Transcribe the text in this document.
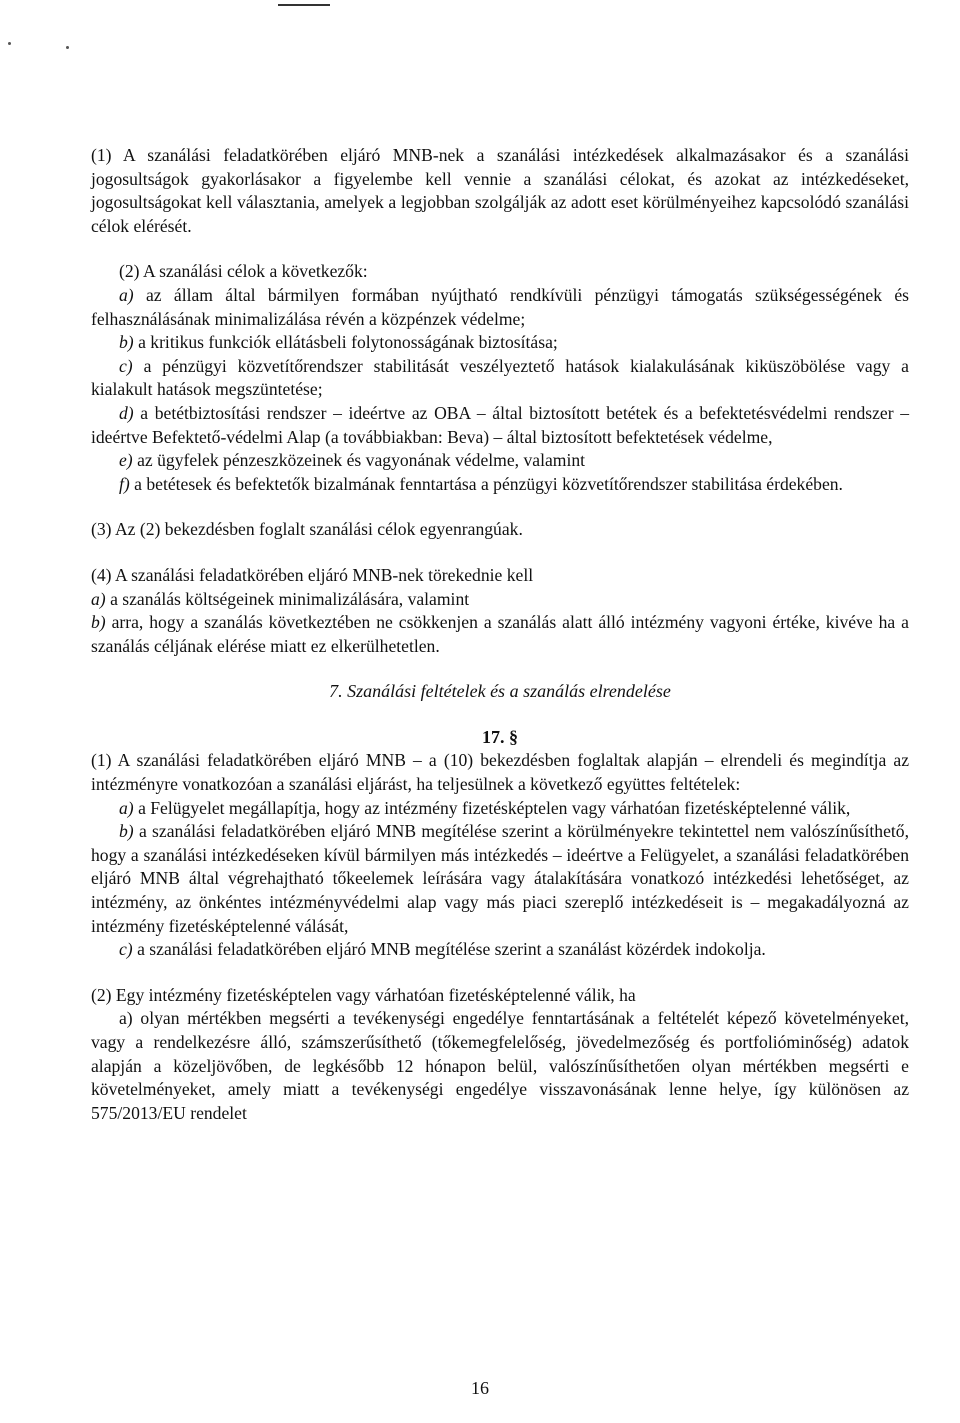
(1) A szanálási feladatkörében eljáró MNB-nek a szanálási intézkedések alkalmazásakor és a szanálási jogosultságok gyakorlásakor a figyelembe kell vennie a szanálási célokat, és azokat az intézkedéseket, jogosultságokat kell választania, amelyek a legjobban szolgálják az adott eset körülményeihez kapcsolódó szanálási célok elérését.

(2) A szanálási célok a következők:

a) az állam által bármilyen formában nyújtható rendkívüli pénzügyi támogatás szükségességének és felhasználásának minimalizálása révén a közpénzek védelme;

b) a kritikus funkciók ellátásbeli folytonosságának biztosítása;

c) a pénzügyi közvetítőrendszer stabilitását veszélyeztető hatások kialakulásának kiküszöbölése vagy a kialakult hatások megszüntetése;

d) a betétbiztosítási rendszer – ideértve az OBA – által biztosított betétek és a befektetésvédelmi rendszer – ideértve Befektető-védelmi Alap (a továbbiakban: Beva) – által biztosított befektetések védelme,

e) az ügyfelek pénzeszközeinek és vagyonának védelme, valamint

f) a betétesek és befektetők bizalmának fenntartása a pénzügyi közvetítőrendszer stabilitása érdekében.

(3) Az (2) bekezdésben foglalt szanálási célok egyenrangúak.

(4) A szanálási feladatkörében eljáró MNB-nek törekednie kell

a) a szanálás költségeinek minimalizálására, valamint

b) arra, hogy a szanálás következtében ne csökkenjen a szanálás alatt álló intézmény vagyoni értéke, kivéve ha a szanálás céljának elérése miatt ez elkerülhetetlen.

7. Szanálási feltételek és a szanálás elrendelése

17. §

(1) A szanálási feladatkörében eljáró MNB – a (10) bekezdésben foglaltak alapján – elrendeli és megindítja az intézményre vonatkozóan a szanálási eljárást, ha teljesülnek a következő együttes feltételek:

a) a Felügyelet megállapítja, hogy az intézmény fizetésképtelen vagy várhatóan fizetésképtelenné válik,

b) a szanálási feladatkörében eljáró MNB megítélése szerint a körülményekre tekintettel nem valószínűsíthető, hogy a szanálási intézkedéseken kívül bármilyen más intézkedés – ideértve a Felügyelet, a szanálási feladatkörében eljáró MNB által végrehajtható tőkeelemek leírására vagy átalakítására vonatkozó intézkedési lehetőséget, az intézmény, az önkéntes intézményvédelmi alap vagy más piaci szereplő intézkedéseit is – megakadályozná az intézmény fizetésképtelenné válását,

c) a szanálási feladatkörében eljáró MNB megítélése szerint a szanálást közérdek indokolja.

(2) Egy intézmény fizetésképtelen vagy várhatóan fizetésképtelenné válik, ha

a) olyan mértékben megsérti a tevékenységi engedélye fenntartásának a feltételét képező követelményeket, vagy a rendelkezésre álló, számszerűsíthető (tőkemegfelelőség, jövedelmezőség és portfolióminőség) adatok alapján a közeljövőben, de legkésőbb 12 hónapon belül, valószínűsíthetően olyan mértékben megsérti e követelményeket, amely miatt a tevékenységi engedélye visszavonásának lenne helye, így különösen az 575/2013/EU rendelet

16
